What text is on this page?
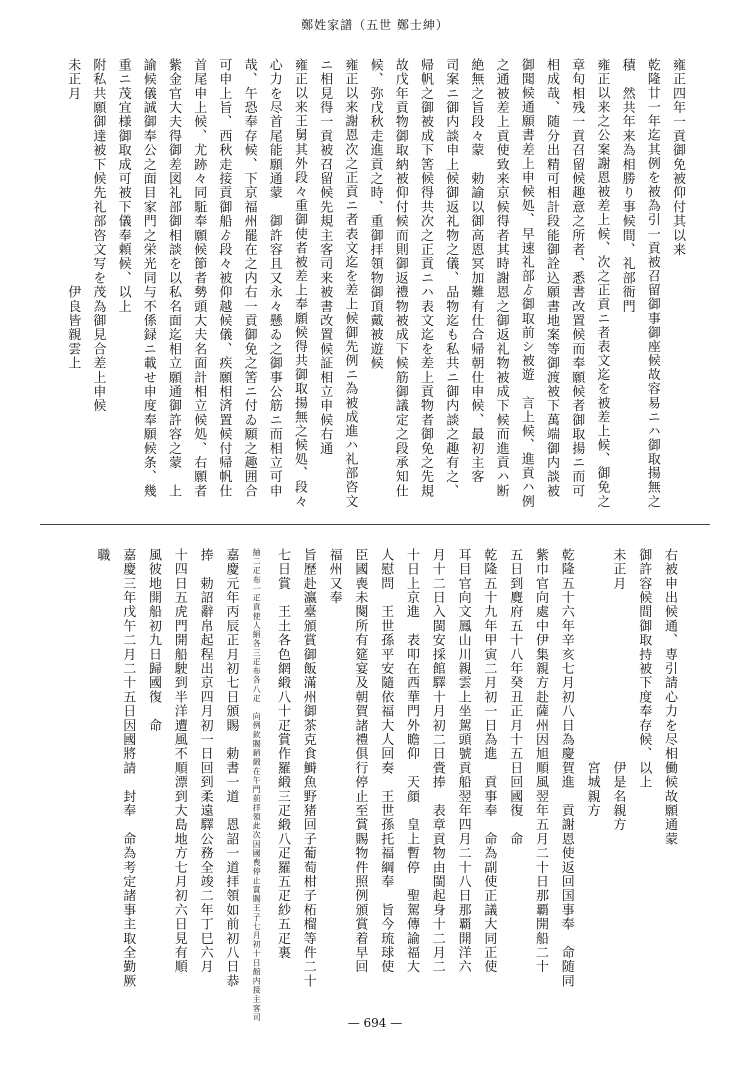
鄭姓家譜（五世 鄭士紳）
雍正四年一貢御免被仰付其以来
乾隆廿一年迄其例を被為引一貢被召留御事御座候故容易ニハ御取揚無之
積　然共年来為相勝り事候間、礼部衙門
雍正以来之公案謝恩被差上候、次之正貢ニ者表文迄を被差上候、御免之
章旬相残一貢召留候趣意之所者、悉書改置候而奉願候者御取揚ニ而可
相成哉、随分出精可相計段能御詮込願書地案等御渡被下萬端御内談被
御聞候通願書差上申候処、早速礼部ゟ御取前シ被遊　言上候、進貢ハ例
之通被差上貢使致来京候得者其時謝恩之御返礼物被成下候而進貢ハ断
絶無之旨段々蒙　勅諭以御高恩冥加難有仕合帰朝仕申候、最初主客
司案ニ御内談申上候御返礼物之儀、品物迄も私共ニ御内談之趣有之、
帰帆之御被成下筈候得共次之正貢ニハ表文迄を差上貢物者御免之先規
故戊年貢物御取納被仰付候而則御返禮物被成下候筋御議定之段承知仕
候、弥戊秋走進貢之時、重御拝領物御頂戴被遊候
雍正以来謝恩次之正貢ニ者表文迄を差上候御先例ニ為被成進ハ礼部咨文
ニ相見得一貢被召留候先規主客司来被書改置候証相立申候右通
雍正以来王舅其外段々重御使者被差上奉願候得共御取揚無之候処、段々
心力を尽首尾能願通蒙　御許容且又永々懸ゐ之御事公筋ニ而相立可申
哉、午恐奉存候、下京福州罷在之内右一貢御免之筈ニ付ゐ願之趣囲合
可申上旨、西秋走接貢御船ゟ段々被仰越候儀、疾願相済置候付帰帆仕
首尾申上候、尤跡々同駈奉願候節者勢頭大夫名面計相立候処、右願者
紫金官大夫得御差図礼部御相談を以私名面迄相立願通御許容之蒙　上
諭候儀誠御奉公之面目家門之栄光同与不係録ニ載せ申度奉願候条、幾
重ニ茂宜様御取成可被下儀奉頼候、以上
附私共願御達被下候先礼部咨文写を茂為御見合差上申候
未正月　　　　　　　　　　　　　伊良皆親雲上
右被申出候通、専引請心力を尽相働候故願通蒙
御許容候間御取持被下度奉存候、以上
未正月　　　　　　　　　　　　伊是名親方
　　　　　　　　　　　　　　　宮城親方
乾隆五十六年辛亥七月初八日為慶賀進　貢謝恩使返回国事奉　命随同
紫巾官向處中伊集親方赴薩州因旭順風翌年五月二十日那覇開船二十
五日到麑府五十八年癸丑正月十五日回國復　命
乾隆五十九年甲寅二月初一日為進　貢事奉　命為副使正議大同正使
耳目官向文鳳山川親雲上坐駕頭號貢船翌年四月二十八日那覇開洋六
月十二日入閩安採館驛十月初二日賫捧　表章貢物由閩起身十二月二
十日上京進　表叩在西華門外瞻仰　天顔　皇上暫停　聖駕傳諭福大
人慰問　王世孫平安隨依福大人回奏　王世孫托福綱奉　旨今琉球使
臣國喪未闋所有筵宴及朝賀諸禮俱行停止至賞賜物件照例頒賞着早回
福州又奉
旨歷赴瀛臺頒賞御飯滿州御茶克食鰣魚野猪回子葡萄柑子柘榴等件二十
七日賞　王土各色網緞八十疋賞作羅緞三疋緞八疋羅五疋紗五疋裏
紬二疋布一疋貢使人絹各三疋布各八疋　向例欽賜銷緞在午門前拝領此次因國喪停止賞賜王子七月初十日館内接主客司
嘉慶元年丙辰正月初七日頒賜　勅書一道　恩詔一道拝領如前初八日恭
捧　勅詔辭帛起程出京四月初一日回到柔遠驛公務全竣二年丁巳六月
十四日五虎門開船駛到半洋遭風不順漂到大島地方七月初六日見有順
風彼地開船初九日歸國復　命
嘉慶三年戊午二月二十五日因國將請　封奉　命為考定諸事主取全勤厥
職
— 694 —
